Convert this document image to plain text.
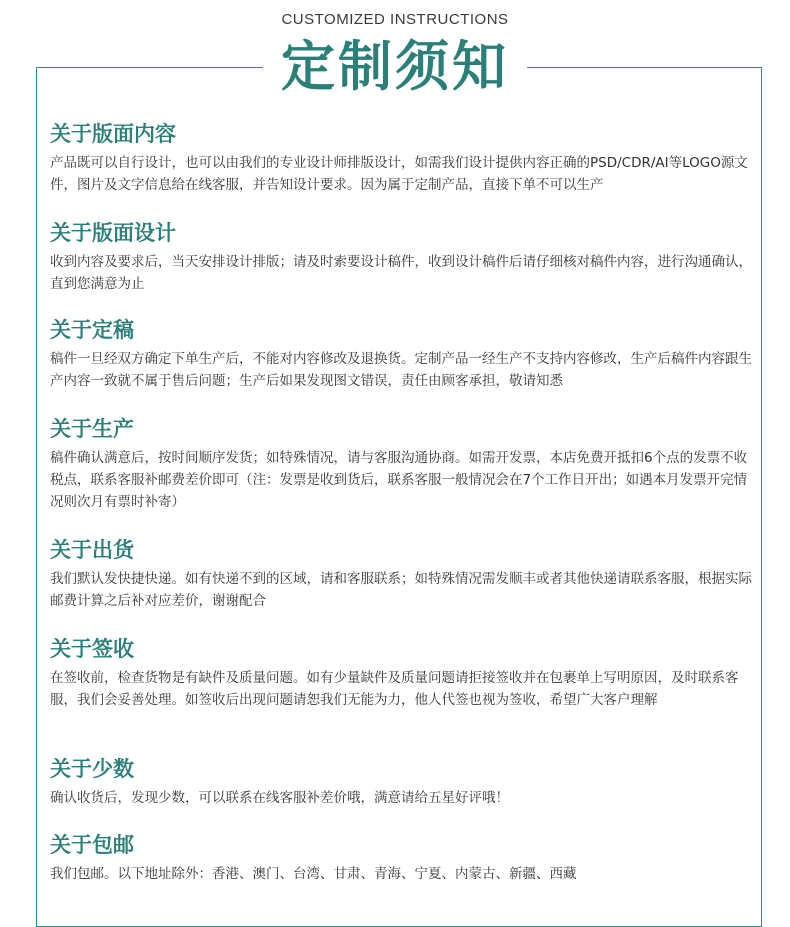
CUSTOMIZED INSTRUCTIONS
定制须知
关于版面内容

产品既可以自行设计，也可以由我们的专业设计师排版设计，如需我们设计提供内容正确的PSD/CDR/AI等LOGO源文件，图片及文字信息给在线客服，并告知设计要求。因为属于定制产品，直接下单不可以生产

关于版面设计

收到内容及要求后，当天安排设计排版；请及时索要设计稿件，收到设计稿件后请仔细核对稿件内容，进行沟通确认，直到您满意为止

关于定稿

稿件一旦经双方确定下单生产后，不能对内容修改及退换货。定制产品一经生产不支持内容修改，生产后稿件内容跟生产内容一致就不属于售后问题；生产后如果发现图文错误，责任由顾客承担，敬请知悉

关于生产

稿件确认满意后，按时间顺序发货；如特殊情况，请与客服沟通协商。如需开发票，本店免费开抵扣6个点的发票不收税点，联系客服补邮费差价即可（注：发票是收到货后，联系客服一般情况会在7个工作日开出；如遇本月发票开完情况则次月有票时补寄）

关于出货

我们默认发快捷快递。如有快递不到的区域，请和客服联系；如特殊情况需发顺丰或者其他快递请联系客服，根据实际邮费计算之后补对应差价，谢谢配合

关于签收

在签收前，检查货物是有缺件及质量问题。如有少量缺件及质量问题请拒接签收并在包裹单上写明原因，及时联系客服，我们会妥善处理。如签收后出现问题请恕我们无能为力，他人代签也视为签收，希望广大客户理解

关于少数

确认收货后，发现少数，可以联系在线客服补差价哦，满意请给五星好评哦！

关于包邮

我们包邮。以下地址除外：香港、澳门、台湾、甘肃、青海、宁夏、内蒙古、新疆、西藏
